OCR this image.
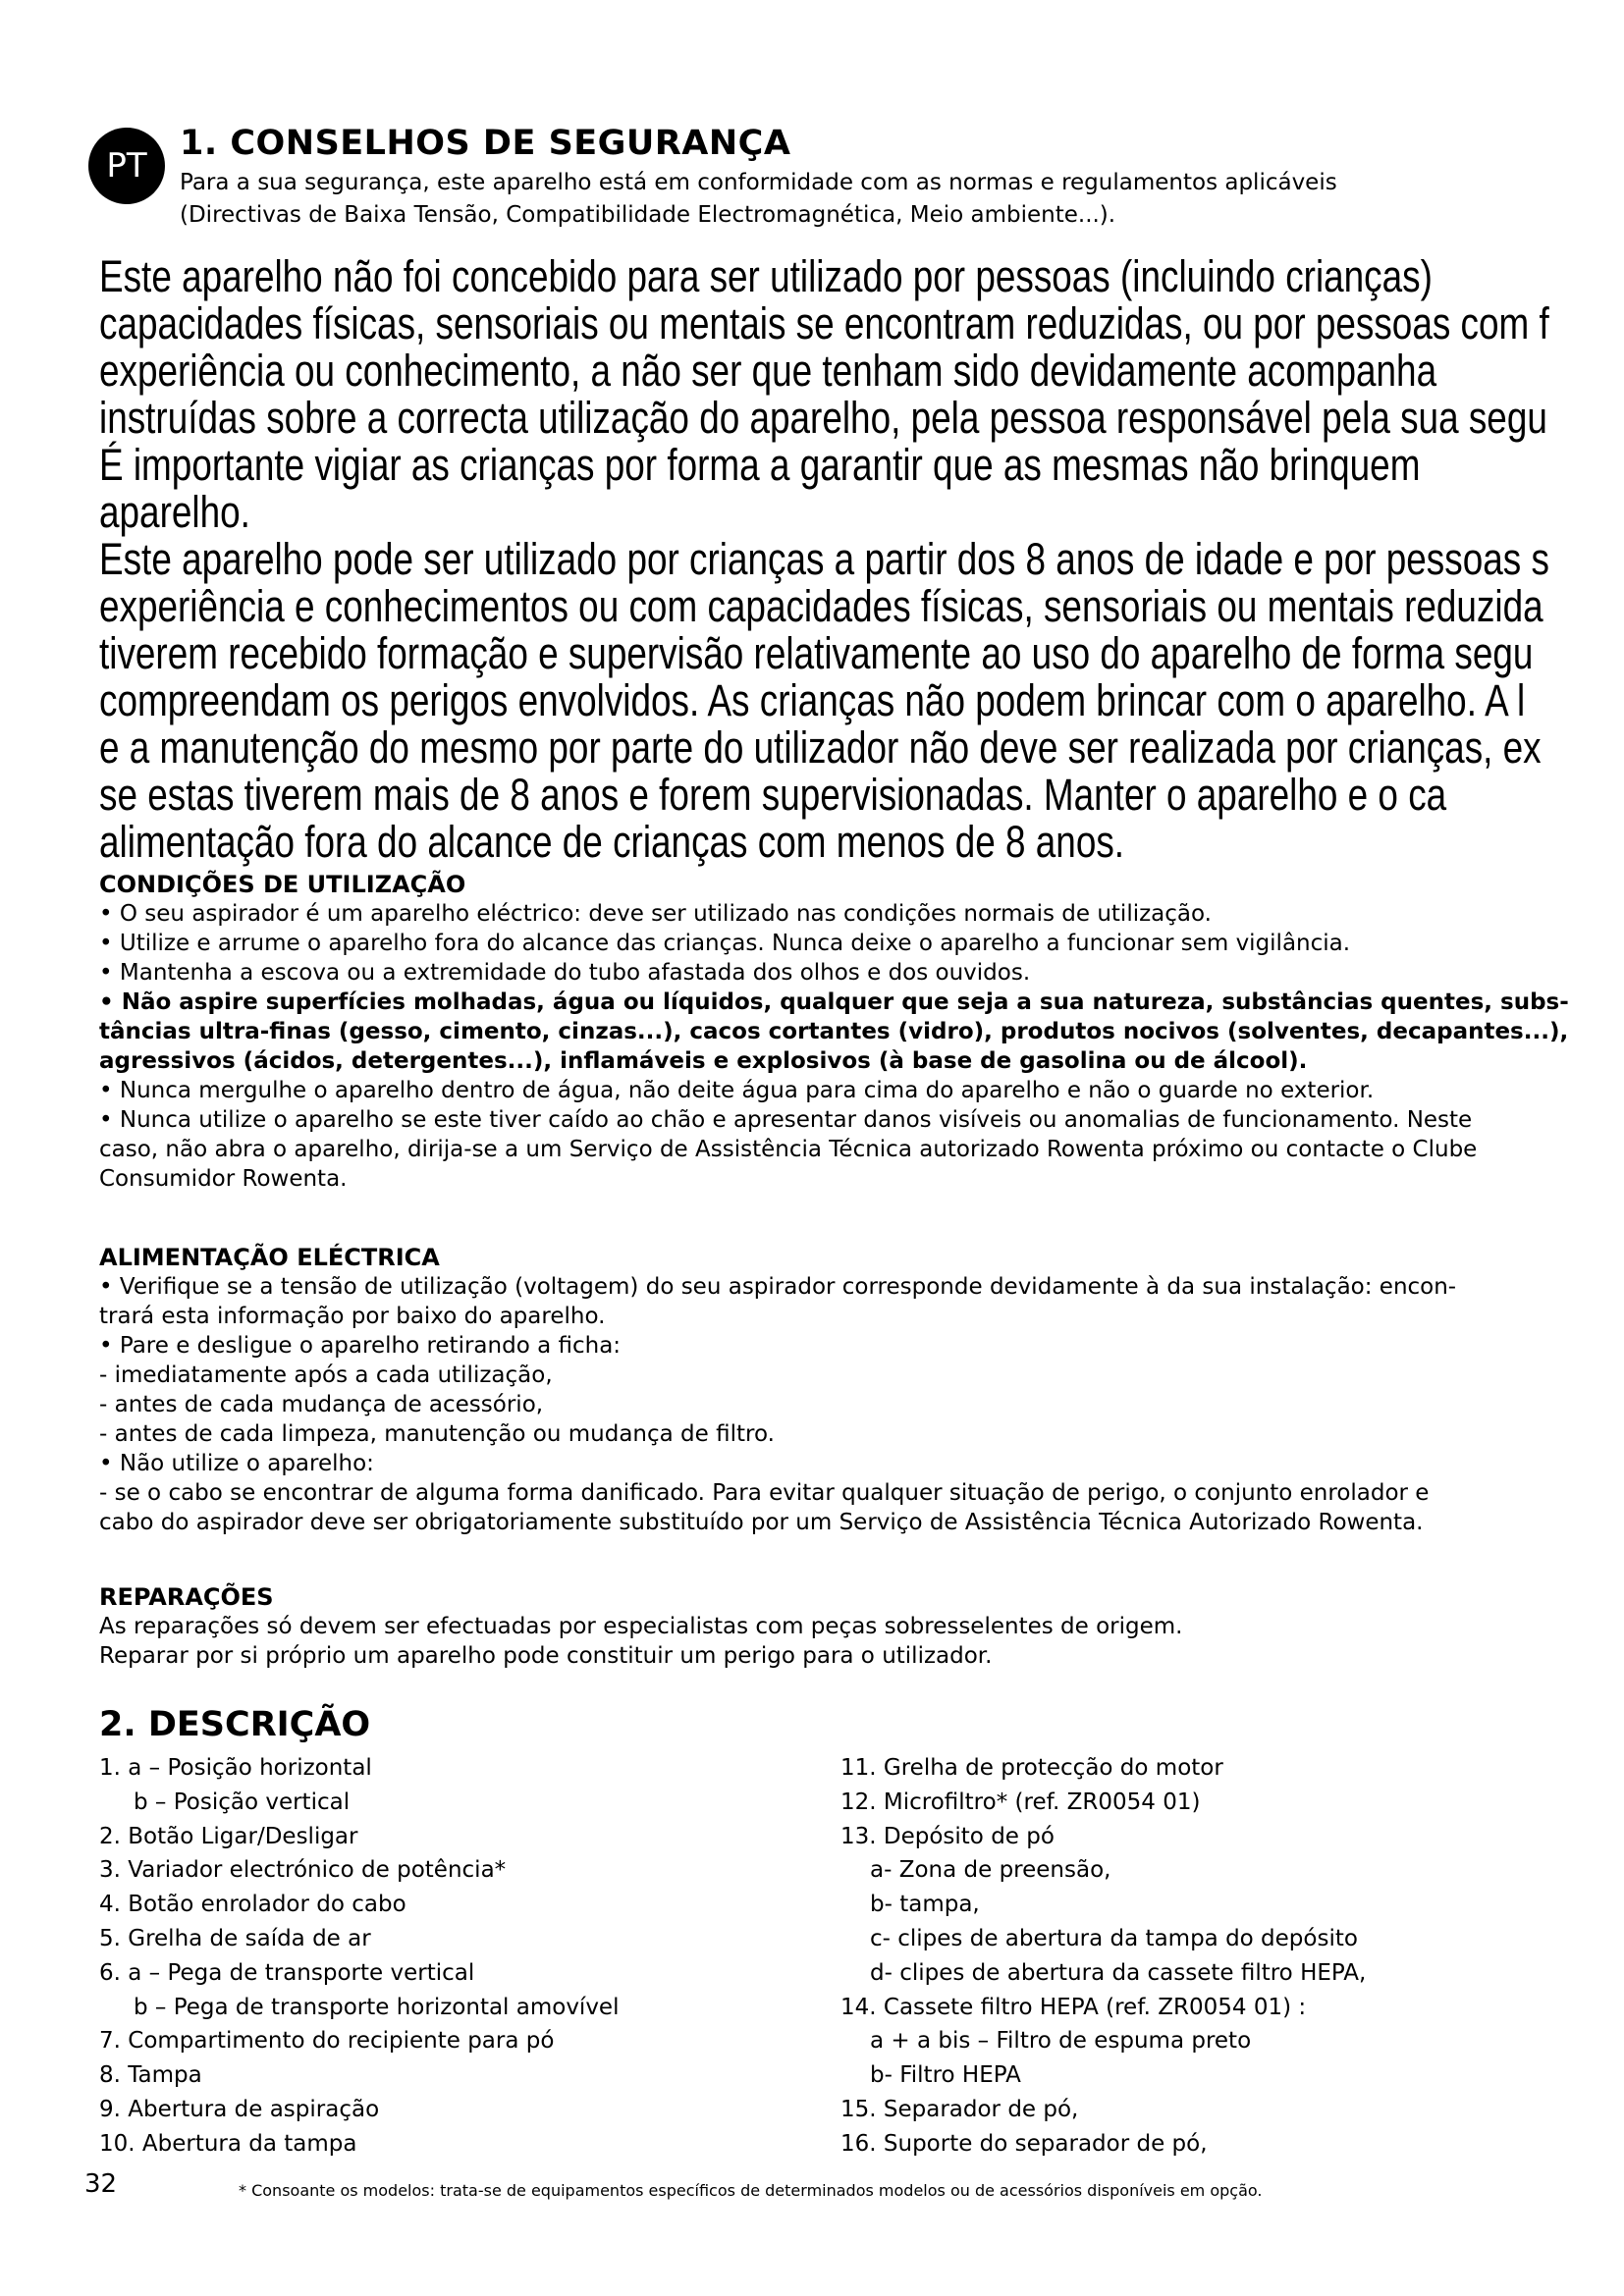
PT
1. CONSELHOS DE SEGURANÇA
Para a sua segurança, este aparelho está em conformidade com as normas e regulamentos aplicáveis
(Directivas de Baixa Tensão, Compatibilidade Electromagnética, Meio ambiente...).
Este aparelho não foi concebido para ser utilizado por pessoas (incluindo crianças)
capacidades físicas, sensoriais ou mentais se encontram reduzidas, ou por pessoas com f
experiência ou conhecimento, a não ser que tenham sido devidamente acompanha
instruídas sobre a correcta utilização do aparelho, pela pessoa responsável pela sua segu
É importante vigiar as crianças por forma a garantir que as mesmas não brinquem
aparelho.
Este aparelho pode ser utilizado por crianças a partir dos 8 anos de idade e por pessoas s
experiência e conhecimentos ou com capacidades físicas, sensoriais ou mentais reduzida
tiverem recebido formação e supervisão relativamente ao uso do aparelho de forma segu
compreendam os perigos envolvidos. As crianças não podem brincar com o aparelho. A l
e a manutenção do mesmo por parte do utilizador não deve ser realizada por crianças, ex
se estas tiverem mais de 8 anos e forem supervisionadas. Manter o aparelho e o ca
alimentação fora do alcance de crianças com menos de 8 anos.
CONDIÇÕES DE UTILIZAÇÃO

• O seu aspirador é um aparelho eléctrico: deve ser utilizado nas condições normais de utilização.

• Utilize e arrume o aparelho fora do alcance das crianças. Nunca deixe o aparelho a funcionar sem vigilância.

• Mantenha a escova ou a extremidade do tubo afastada dos olhos e dos ouvidos.

• Não aspire superfícies molhadas, água ou líquidos, qualquer que seja a sua natureza, substâncias quentes, subs-

tâncias ultra-finas (gesso, cimento, cinzas...), cacos cortantes (vidro), produtos nocivos (solventes, decapantes...),

agressivos (ácidos, detergentes...), inflamáveis e explosivos (à base de gasolina ou de álcool).

• Nunca mergulhe o aparelho dentro de água, não deite água para cima do aparelho e não o guarde no exterior.

• Nunca utilize o aparelho se este tiver caído ao chão e apresentar danos visíveis ou anomalias de funcionamento. Neste

caso, não abra o aparelho, dirija-se a um Serviço de Assistência Técnica autorizado Rowenta próximo ou contacte o Clube

Consumidor Rowenta.

ALIMENTAÇÃO ELÉCTRICA

• Verifique se a tensão de utilização (voltagem) do seu aspirador corresponde devidamente à da sua instalação: encon-

trará esta informação por baixo do aparelho.

• Pare e desligue o aparelho retirando a ficha:

- imediatamente após a cada utilização,

- antes de cada mudança de acessório,

- antes de cada limpeza, manutenção ou mudança de filtro.

• Não utilize o aparelho:

- se o cabo se encontrar de alguma forma danificado. Para evitar qualquer situação de perigo, o conjunto enrolador e

cabo do aspirador deve ser obrigatoriamente substituído por um Serviço de Assistência Técnica Autorizado Rowenta.

REPARAÇÕES

As reparações só devem ser efectuadas por especialistas com peças sobresselentes de origem.

Reparar por si próprio um aparelho pode constituir um perigo para o utilizador.

2. DESCRIÇÃO
1. a – Posição horizontal
b – Posição vertical
2. Botão Ligar/Desligar
3. Variador electrónico de potência*
4. Botão enrolador do cabo
5. Grelha de saída de ar
6. a – Pega de transporte vertical
b – Pega de transporte horizontal amovível
7. Compartimento do recipiente para pó
8. Tampa
9. Abertura de aspiração
10. Abertura da tampa
11. Grelha de protecção do motor
12. Microfiltro* (ref. ZR0054 01)
13. Depósito de pó
a- Zona de preensão,
b- tampa,
c- clipes de abertura da tampa do depósito
d- clipes de abertura da cassete filtro HEPA,
14. Cassete filtro HEPA (ref. ZR0054 01) :
a + a bis – Filtro de espuma preto
b- Filtro HEPA
15. Separador de pó,
16. Suporte do separador de pó,
32	* Consoante os modelos: trata-se de equipamentos específicos de determinados modelos ou de acessórios disponíveis em opção.
